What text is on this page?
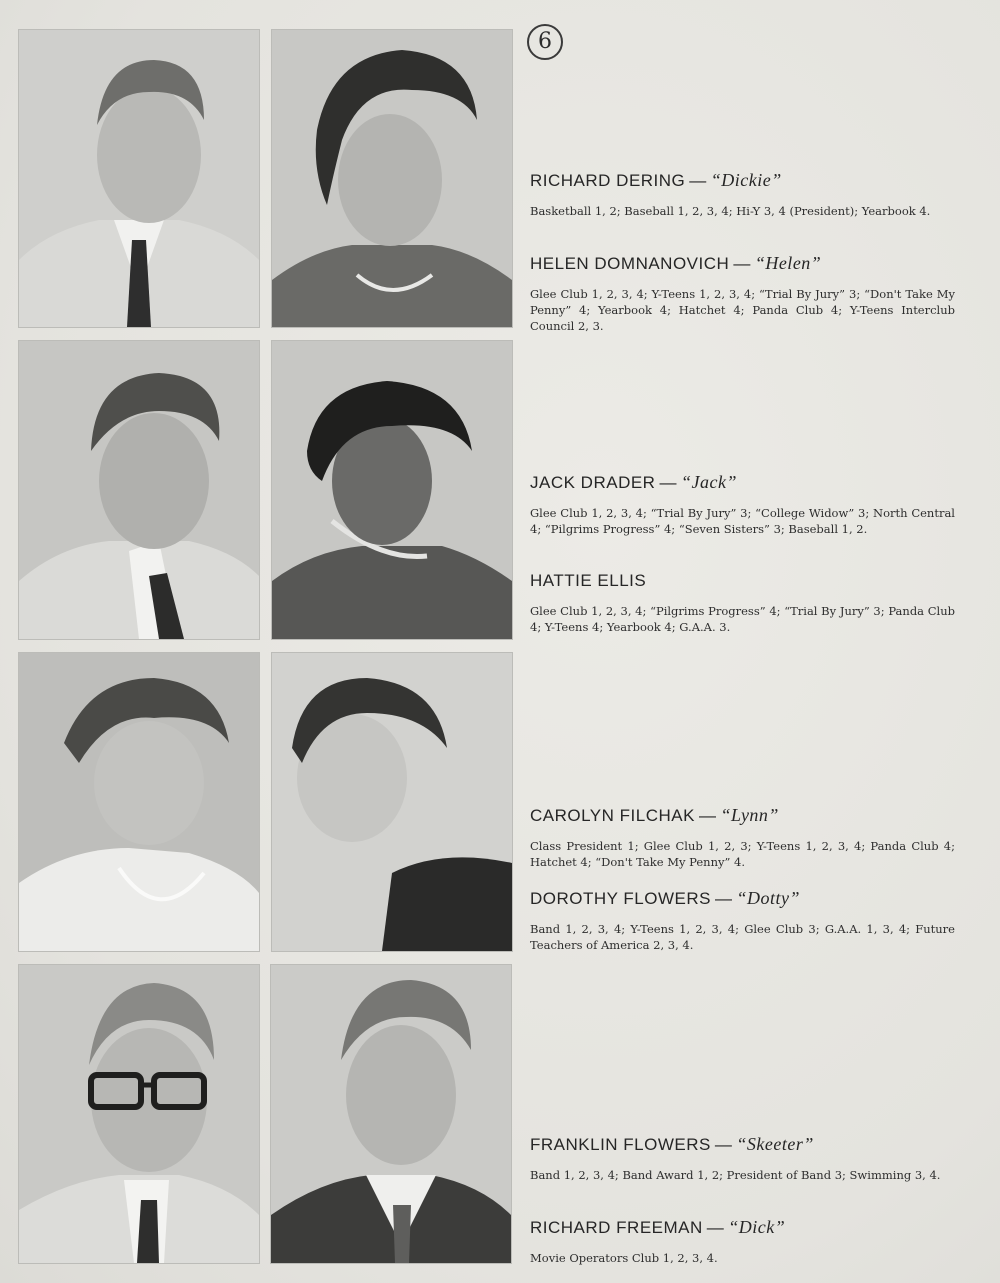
6
RICHARD DERING — “Dickie”

Basketball 1, 2; Baseball 1, 2, 3, 4; Hi-Y 3, 4 (President); Yearbook 4.

HELEN DOMNANOVICH — “Helen”

Glee Club 1, 2, 3, 4; Y-Teens 1, 2, 3, 4; “Trial By Jury” 3; “Don't Take My Penny” 4; Yearbook 4; Hatchet 4; Panda Club 4; Y-Teens Interclub Council 2, 3.

JACK DRADER — “Jack”

Glee Club 1, 2, 3, 4; “Trial By Jury” 3; “College Widow” 3; North Central 4; “Pilgrims Progress” 4; “Seven Sisters” 3; Baseball 1, 2.

HATTIE ELLIS

Glee Club 1, 2, 3, 4; “Pilgrims Progress” 4; “Trial By Jury” 3; Panda Club 4; Y-Teens 4; Yearbook 4; G.A.A. 3.

CAROLYN FILCHAK — “Lynn”

Class President 1; Glee Club 1, 2, 3; Y-Teens 1, 2, 3, 4; Panda Club 4; Hatchet 4; “Don't Take My Penny” 4.

DOROTHY FLOWERS — “Dotty”

Band 1, 2, 3, 4; Y-Teens 1, 2, 3, 4; Glee Club 3; G.A.A. 1, 3, 4; Future Teachers of America 2, 3, 4.

FRANKLIN FLOWERS — “Skeeter”

Band 1, 2, 3, 4; Band Award 1, 2; President of Band 3; Swimming 3, 4.

RICHARD FREEMAN — “Dick”

Movie Operators Club 1, 2, 3, 4.
